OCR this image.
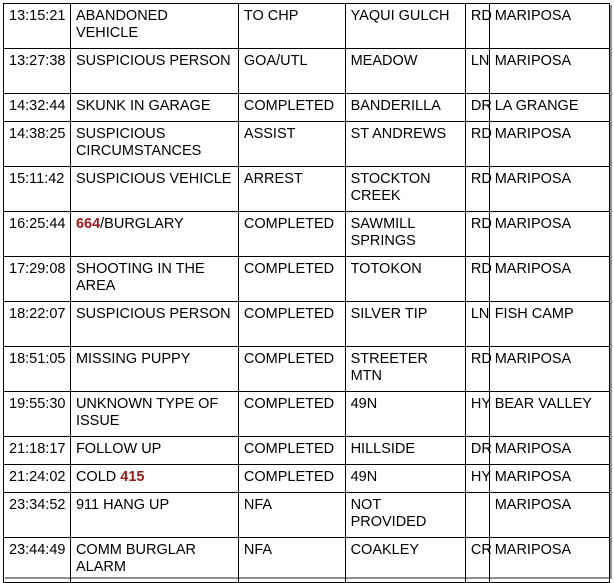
13:15:21	ABANDONED VEHICLE	TO CHP	YAQUI GULCH	RD	MARIPOSA
13:27:38	SUSPICIOUS PERSON	GOA/UTL	MEADOW	LN	MARIPOSA
14:32:44	SKUNK IN GARAGE	COMPLETED	BANDERILLA	DR	LA GRANGE
14:38:25	SUSPICIOUS CIRCUMSTANCES	ASSIST	ST ANDREWS	RD	MARIPOSA
15:11:42	SUSPICIOUS VEHICLE	ARREST	STOCKTON CREEK	RD	MARIPOSA
16:25:44	664/BURGLARY	COMPLETED	SAWMILL SPRINGS	RD	MARIPOSA
17:29:08	SHOOTING IN THE AREA	COMPLETED	TOTOKON	RD	MARIPOSA
18:22:07	SUSPICIOUS PERSON	COMPLETED	SILVER TIP	LN	FISH CAMP
18:51:05	MISSING PUPPY	COMPLETED	STREETER MTN	RD	MARIPOSA
19:55:30	UNKNOWN TYPE OF ISSUE	COMPLETED	49N	HY	BEAR VALLEY
21:18:17	FOLLOW UP	COMPLETED	HILLSIDE	DR	MARIPOSA
21:24:02	COLD 415	COMPLETED	49N	HY	MARIPOSA
23:34:52	911 HANG UP	NFA	NOT PROVIDED		MARIPOSA
23:44:49	COMM BURGLAR ALARM	NFA	COAKLEY	CR	MARIPOSA
